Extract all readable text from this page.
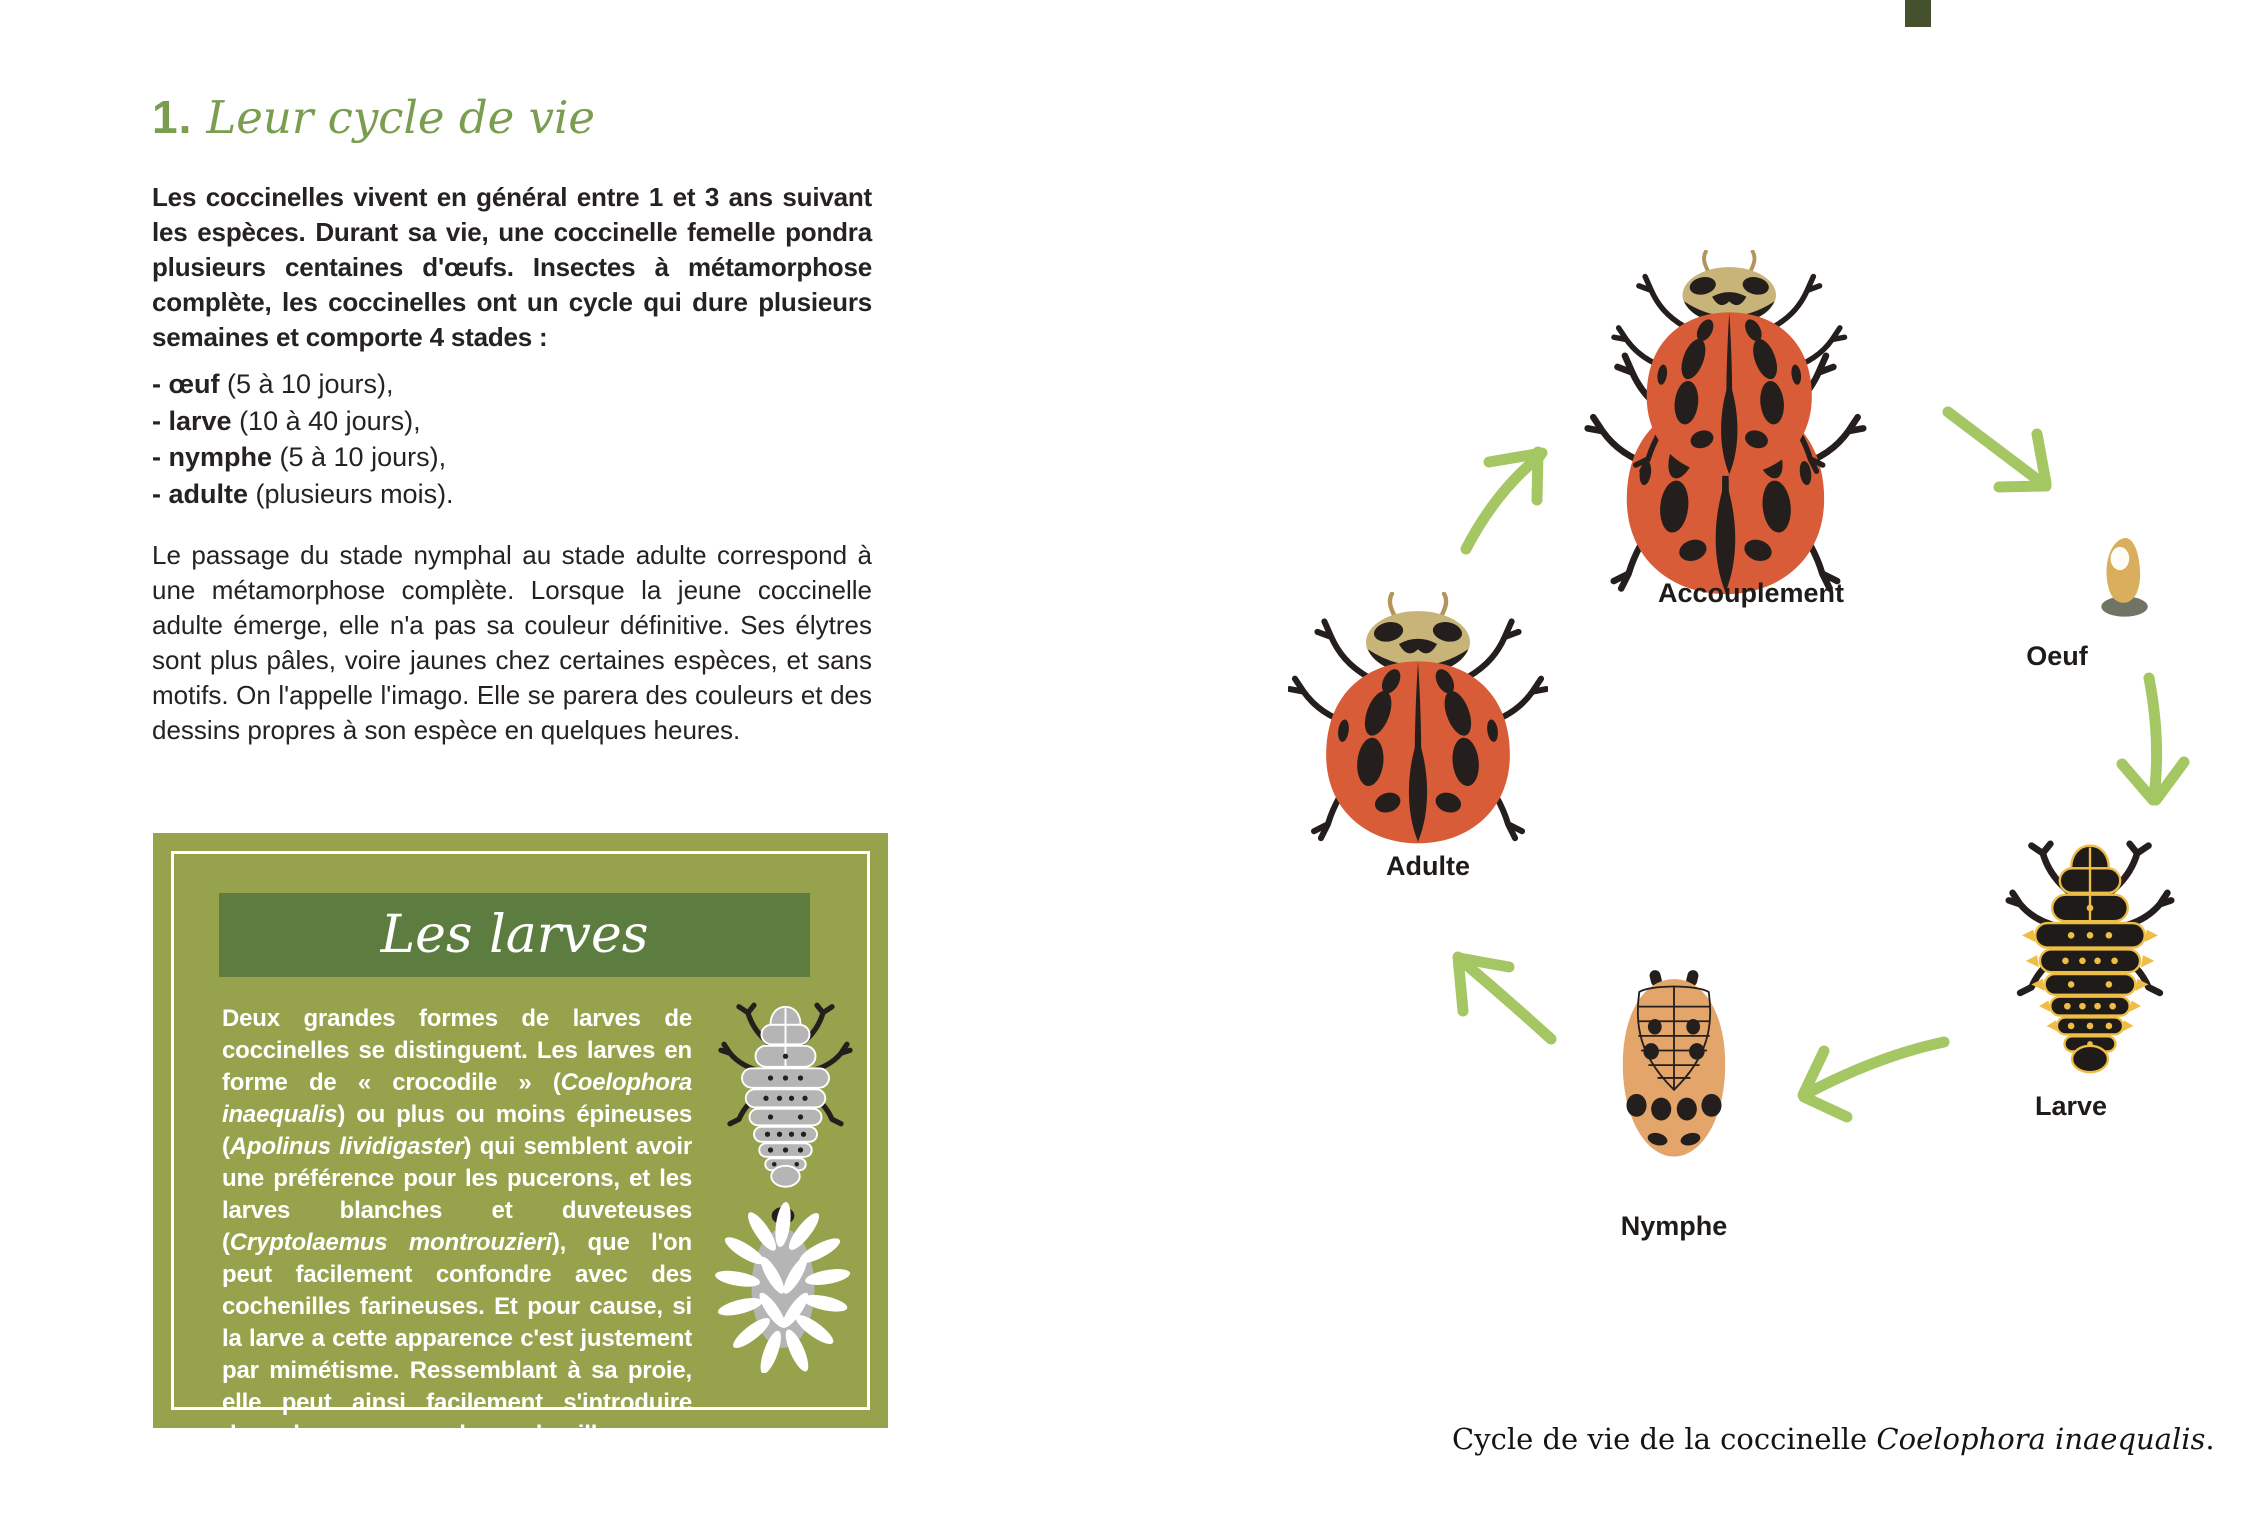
1. Leur cycle de vie
Les coccinelles vivent en général entre 1 et 3 ans suivant les espèces. Durant sa vie, une coccinelle femelle pondra plusieurs centaines d'œufs. Insectes à métamorphose complète, les coccinelles ont un cycle qui dure plusieurs semaines et comporte 4 stades :
- œuf (5 à 10 jours),
- larve (10 à 40 jours),
- nymphe (5 à 10 jours),
- adulte (plusieurs mois).
Le passage du stade nymphal au stade adulte correspond à une métamorphose complète. Lorsque la jeune coccinelle adulte émerge, elle n'a pas sa couleur définitive. Ses élytres sont plus pâles, voire jaunes chez certaines espèces, et sans motifs. On l'appelle l'imago. Elle se parera des couleurs et des dessins propres à son espèce en quelques heures.
Les larves
Deux grandes formes de larves de coccinelles se distinguent. Les larves en forme de « crocodile » (Coelophora inaequalis) ou plus ou moins épineuses (Apolinus lividigaster) qui semblent avoir une préférence pour les pucerons, et les larves blanches et duveteuses (Cryptolaemus montrouzieri), que l'on peut facilement confondre avec des cochenilles farineuses. Et pour cause, si la larve a cette apparence c'est justement par mimétisme. Ressemblant à sa proie, elle peut ainsi facilement s'introduire dans les groupes de cochenilles pour mieux les dévorer.
Accouplement
Oeuf
Larve
Nymphe
Adulte
Cycle de vie de la coccinelle Coelophora inaequalis.
